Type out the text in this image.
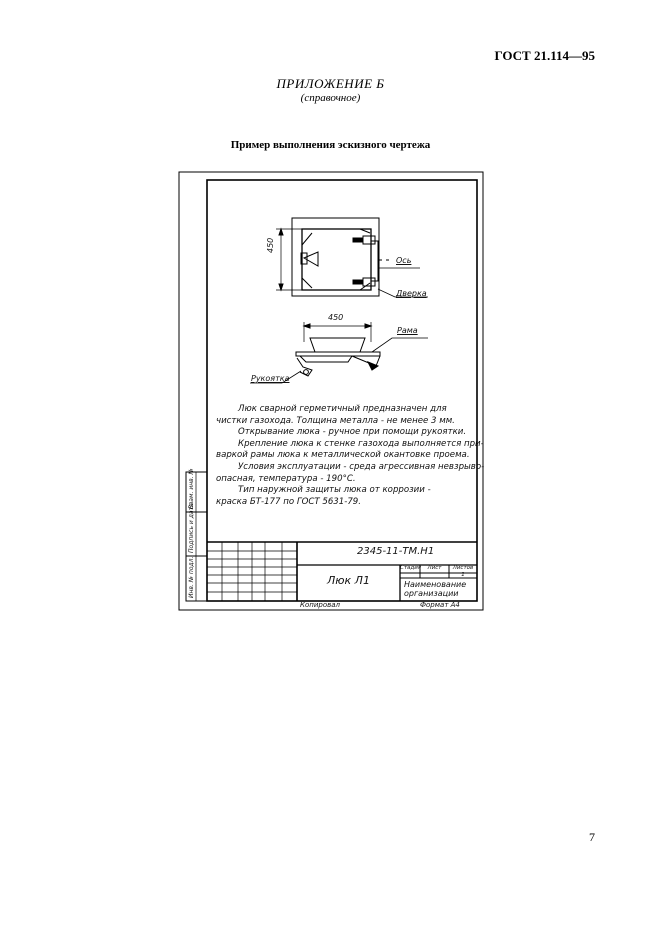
ГОСТ 21.114—95
ПРИЛОЖЕНИЕ Б
(справочное)
Пример выполнения эскизного чертежа
450
450
Ось
Дверка
Рама
Рукоятка
Люк сварной герметичный предназначен для
чистки газохода. Толщина металла - не менее 3 мм.
Открывание люка - ручное при помощи рукоятки.
Крепление люка к стенке газохода выполняется при-
варкой рамы люка к металлической окантовке проема.
Условия эксплуатации - среда агрессивная невзрыво-
опасная, температура - 190°С.
Тип наружной защиты люка от коррозии -
краска БТ-177 по ГОСТ 5631-79.
2345-11-ТМ.Н1
Люк Л1
Стадия	Лист	Листов
1
Наименование организации
Копировал	Формат А4
Инв. № подл.
Подпись и дата
Взам. инв. №
7
